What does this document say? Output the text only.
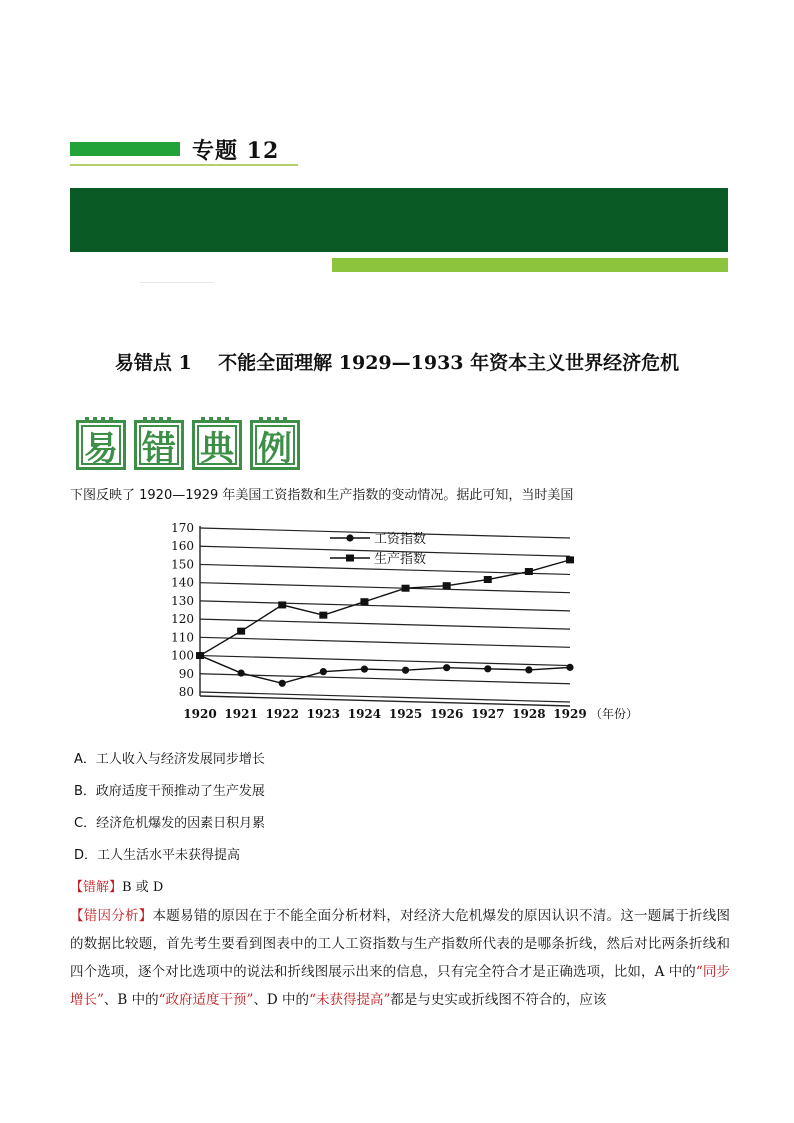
专题 12
易错点 1    不能全面理解 1929—1933 年资本主义世界经济危机
易 错 典 例
下图反映了 1920—1929 年美国工资指数和生产指数的变动情况。据此可知，当时美国
80
90
100
110
120
130
140
150
160
170
1920 1921 1922 1923 1924 1925 1926 1927 1928 1929 （年份）
工资指数
生产指数
A．工人收入与经济发展同步增长
B．政府适度干预推动了生产发展
C．经济危机爆发的因素日积月累
D．工人生活水平未获得提高
【错解】B 或 D

【错因分析】本题易错的原因在于不能全面分析材料，对经济大危机爆发的原因认识不清。这一题属于折线图的数据比较题，首先考生要看到图表中的工人工资指数与生产指数所代表的是哪条折线，然后对比两条折线和四个选项，逐个对比选项中的说法和折线图展示出来的信息，只有完全符合才是正确选项，比如，A 中的“同步增长”、B 中的“政府适度干预”、D 中的“未获得提高”都是与史实或折线图不符合的，应该
